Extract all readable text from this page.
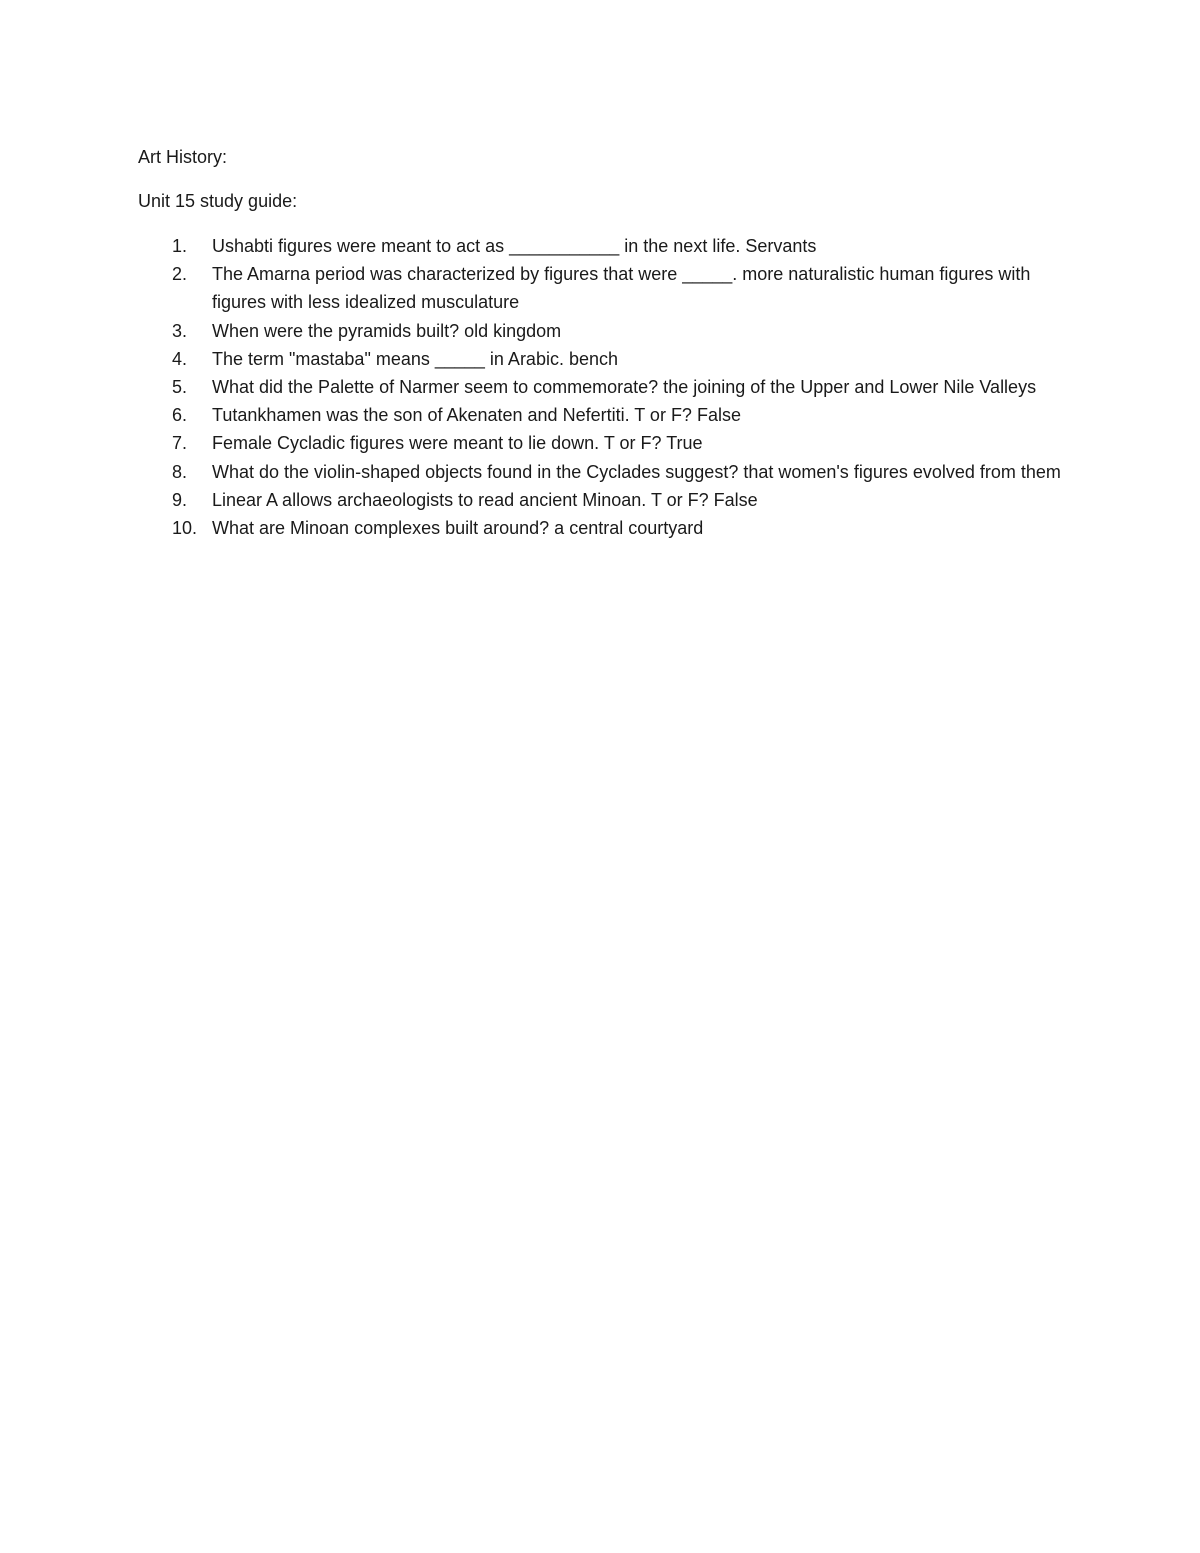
Art History:

Unit 15 study guide:

1.	Ushabti figures were meant to act as ___________ in the next life. Servants
2.	The Amarna period was characterized by figures that were _____. more naturalistic human figures with figures with less idealized musculature
3.	When were the pyramids built? old kingdom
4.	The term "mastaba" means _____ in Arabic. bench
5.	What did the Palette of Narmer seem to commemorate? the joining of the Upper and Lower Nile Valleys
6.	Tutankhamen was the son of Akenaten and Nefertiti. T or F? False
7.	Female Cycladic figures were meant to lie down. T or F? True
8.	What do the violin-shaped objects found in the Cyclades suggest? that women's figures evolved from them
9.	Linear A allows archaeologists to read ancient Minoan. T or F? False
10. What are Minoan complexes built around? a central courtyard
